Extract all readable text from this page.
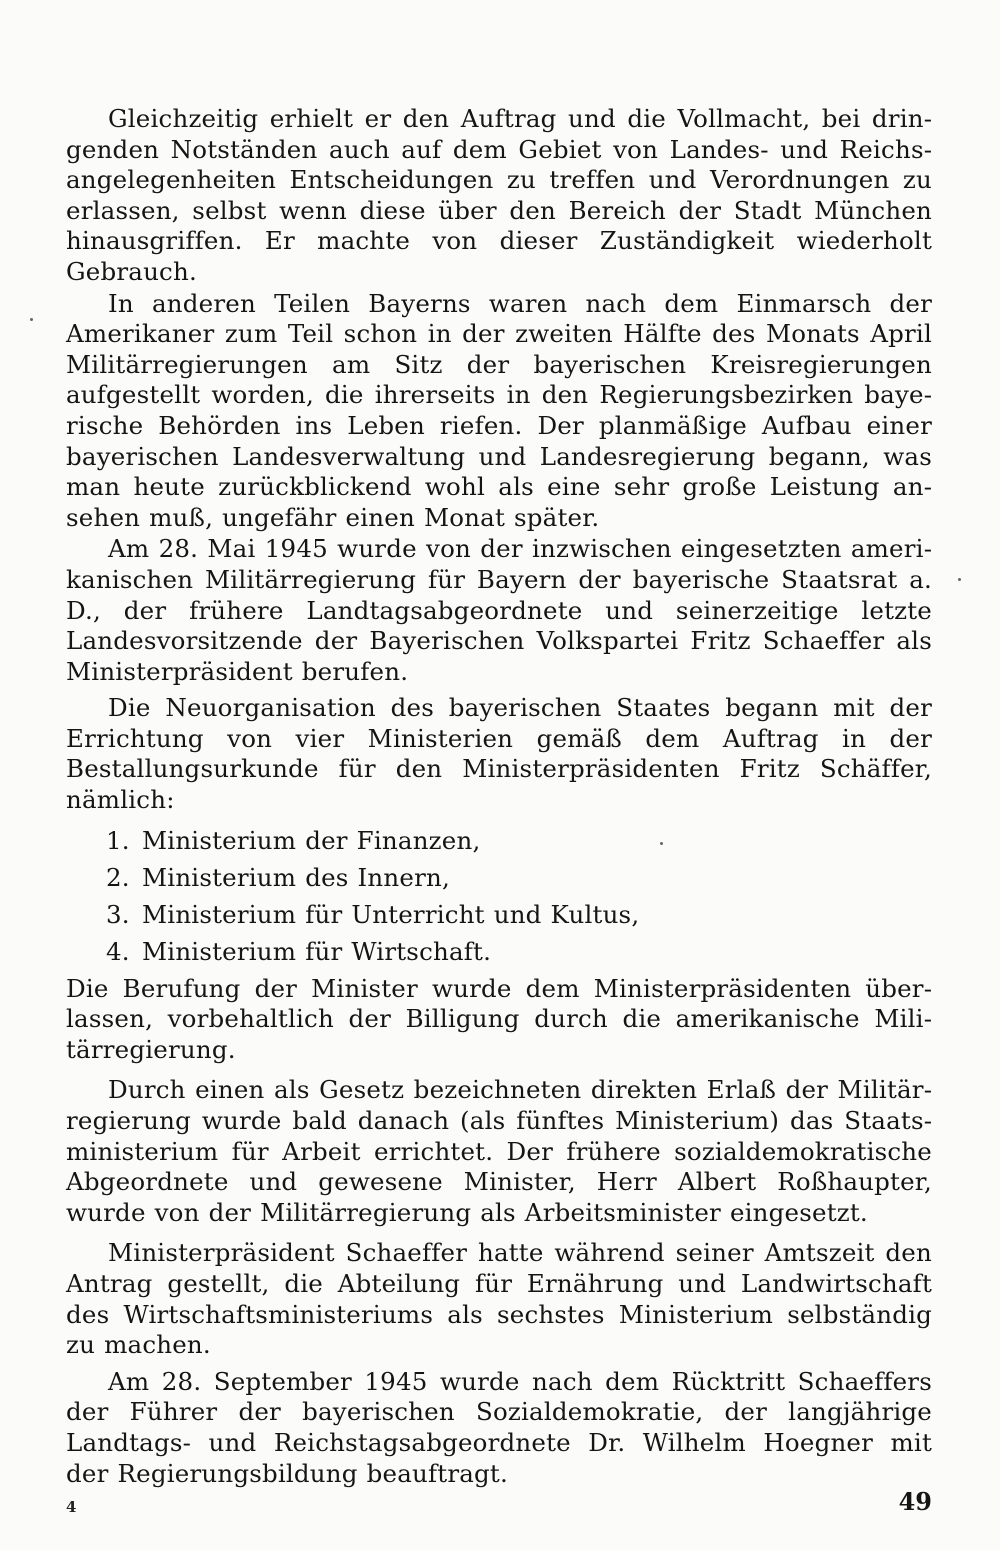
Gleichzeitig erhielt er den Auftrag und die Vollmacht, bei dringenden Notständen auch auf dem Gebiet von Landes- und Reichsangelegenheiten Entscheidungen zu treffen und Verordnungen zu erlassen, selbst wenn diese über den Bereich der Stadt München hinausgriffen. Er machte von dieser Zuständigkeit wiederholt Gebrauch.

In anderen Teilen Bayerns waren nach dem Einmarsch der Amerikaner zum Teil schon in der zweiten Hälfte des Monats April Militärregierungen am Sitz der bayerischen Kreisregierungen aufgestellt worden, die ihrerseits in den Regierungsbezirken bayerische Behörden ins Leben riefen. Der planmäßige Aufbau einer bayerischen Landesverwaltung und Landesregierung begann, was man heute zurückblickend wohl als eine sehr große Leistung ansehen muß, ungefähr einen Monat später.

Am 28. Mai 1945 wurde von der inzwischen eingesetzten amerikanischen Militärregierung für Bayern der bayerische Staatsrat a. D., der frühere Landtagsabgeordnete und seinerzeitige letzte Landesvorsitzende der Bayerischen Volkspartei Fritz Schaeffer als Ministerpräsident berufen.

Die Neuorganisation des bayerischen Staates begann mit der Errichtung von vier Ministerien gemäß dem Auftrag in der Bestallungsurkunde für den Ministerpräsidenten Fritz Schäffer, nämlich:

1. Ministerium der Finanzen,
2. Ministerium des Innern,
3. Ministerium für Unterricht und Kultus,
4. Ministerium für Wirtschaft.

Die Berufung der Minister wurde dem Ministerpräsidenten überlassen, vorbehaltlich der Billigung durch die amerikanische Militärregierung.

Durch einen als Gesetz bezeichneten direkten Erlaß der Militärregierung wurde bald danach (als fünftes Ministerium) das Staatsministerium für Arbeit errichtet. Der frühere sozialdemokratische Abgeordnete und gewesene Minister, Herr Albert Roßhaupter, wurde von der Militärregierung als Arbeitsminister eingesetzt.

Ministerpräsident Schaeffer hatte während seiner Amtszeit den Antrag gestellt, die Abteilung für Ernährung und Landwirtschaft des Wirtschaftsministeriums als sechstes Ministerium selbständig zu machen.

Am 28. September 1945 wurde nach dem Rücktritt Schaeffers der Führer der bayerischen Sozialdemokratie, der langjährige Landtags- und Reichstagsabgeordnete Dr. Wilhelm Hoegner mit der Regierungsbildung beauftragt.

4	49
